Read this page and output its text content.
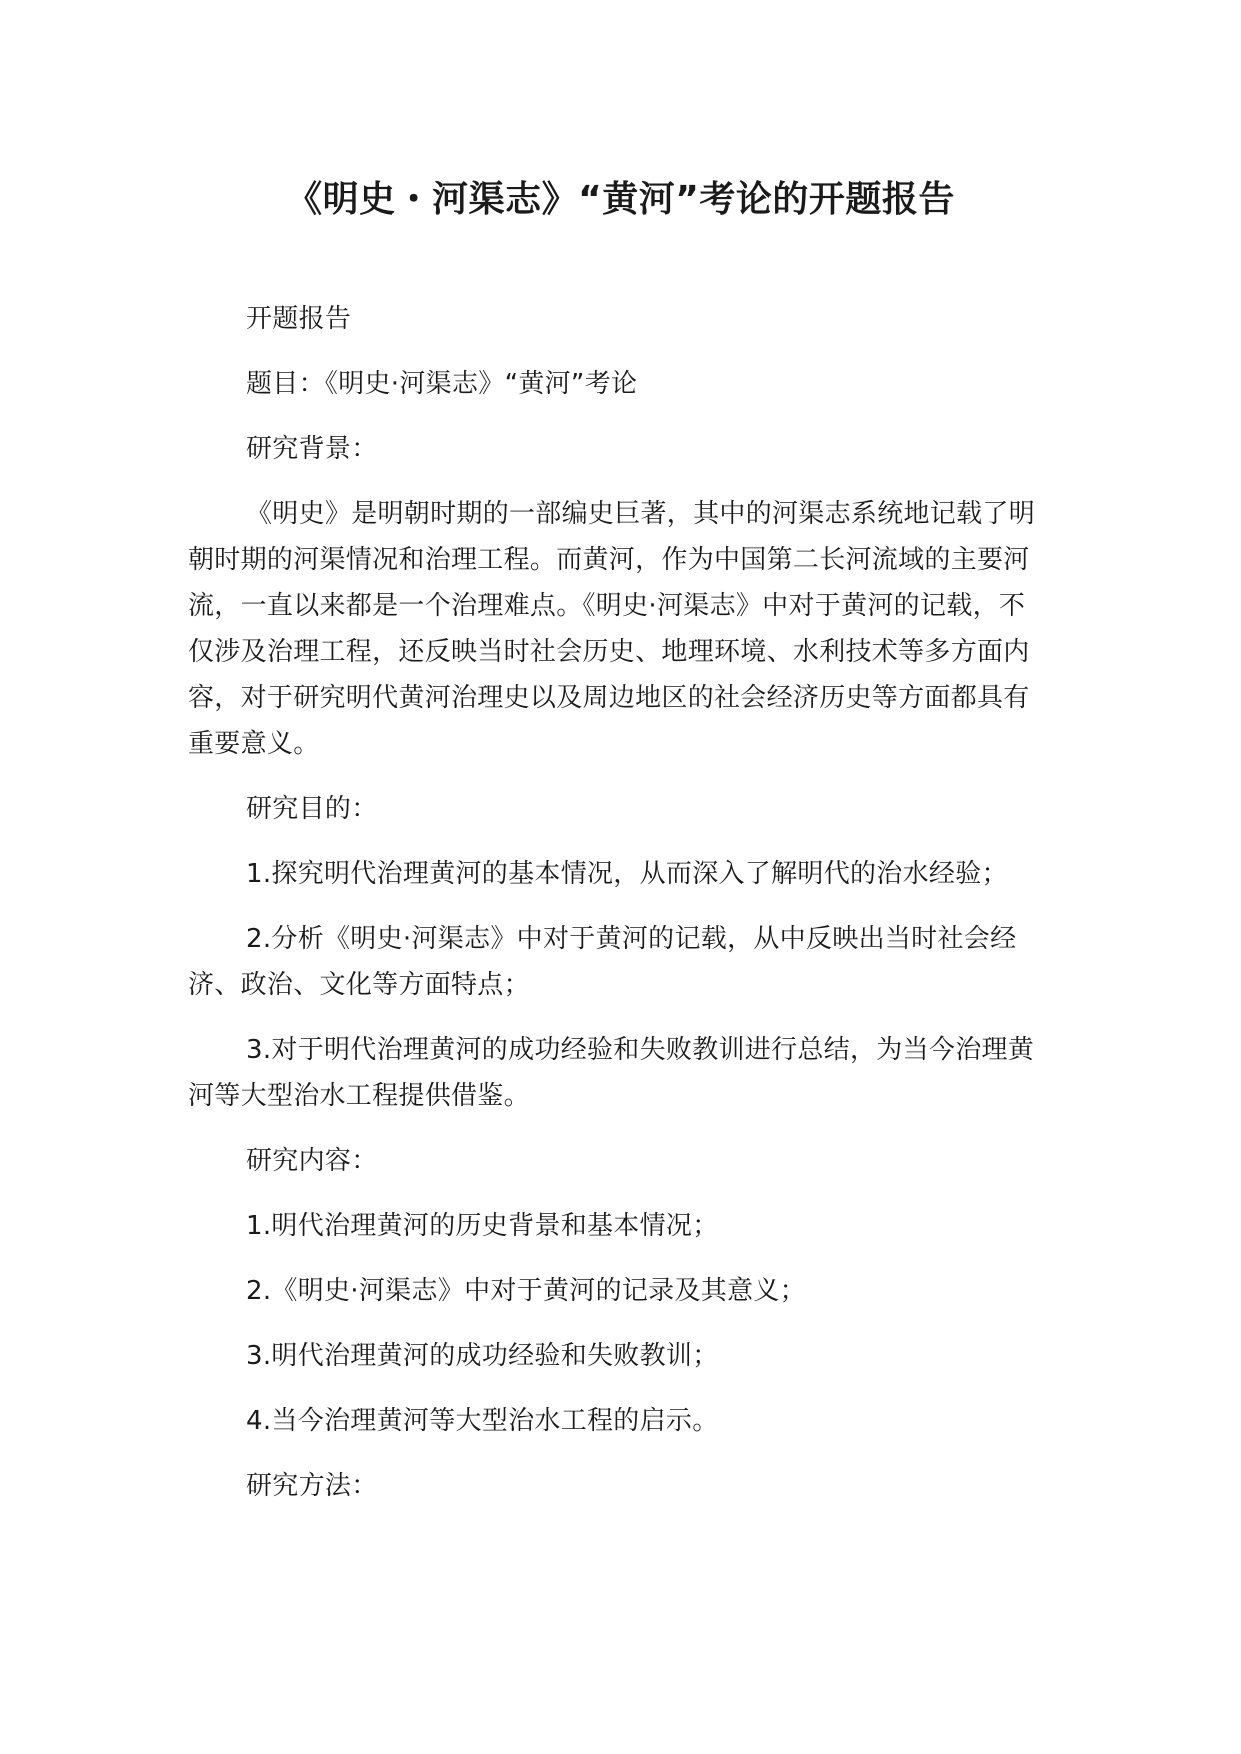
《明史・河渠志》“黄河”考论的开题报告

开题报告

题目：《明史·河渠志》“黄河”考论

研究背景：

《明史》是明朝时期的一部编史巨著，其中的河渠志系统地记载了明朝时期的河渠情况和治理工程。而黄河，作为中国第二长河流域的主要河流，一直以来都是一个治理难点。《明史·河渠志》中对于黄河的记载，不仅涉及治理工程，还反映当时社会历史、地理环境、水利技术等多方面内容，对于研究明代黄河治理史以及周边地区的社会经济历史等方面都具有重要意义。

研究目的：

1.探究明代治理黄河的基本情况，从而深入了解明代的治水经验；

2.分析《明史·河渠志》中对于黄河的记载，从中反映出当时社会经济、政治、文化等方面特点；

3.对于明代治理黄河的成功经验和失败教训进行总结，为当今治理黄河等大型治水工程提供借鉴。

研究内容：

1.明代治理黄河的历史背景和基本情况；

2.《明史·河渠志》中对于黄河的记录及其意义；

3.明代治理黄河的成功经验和失败教训；

4.当今治理黄河等大型治水工程的启示。

研究方法：
